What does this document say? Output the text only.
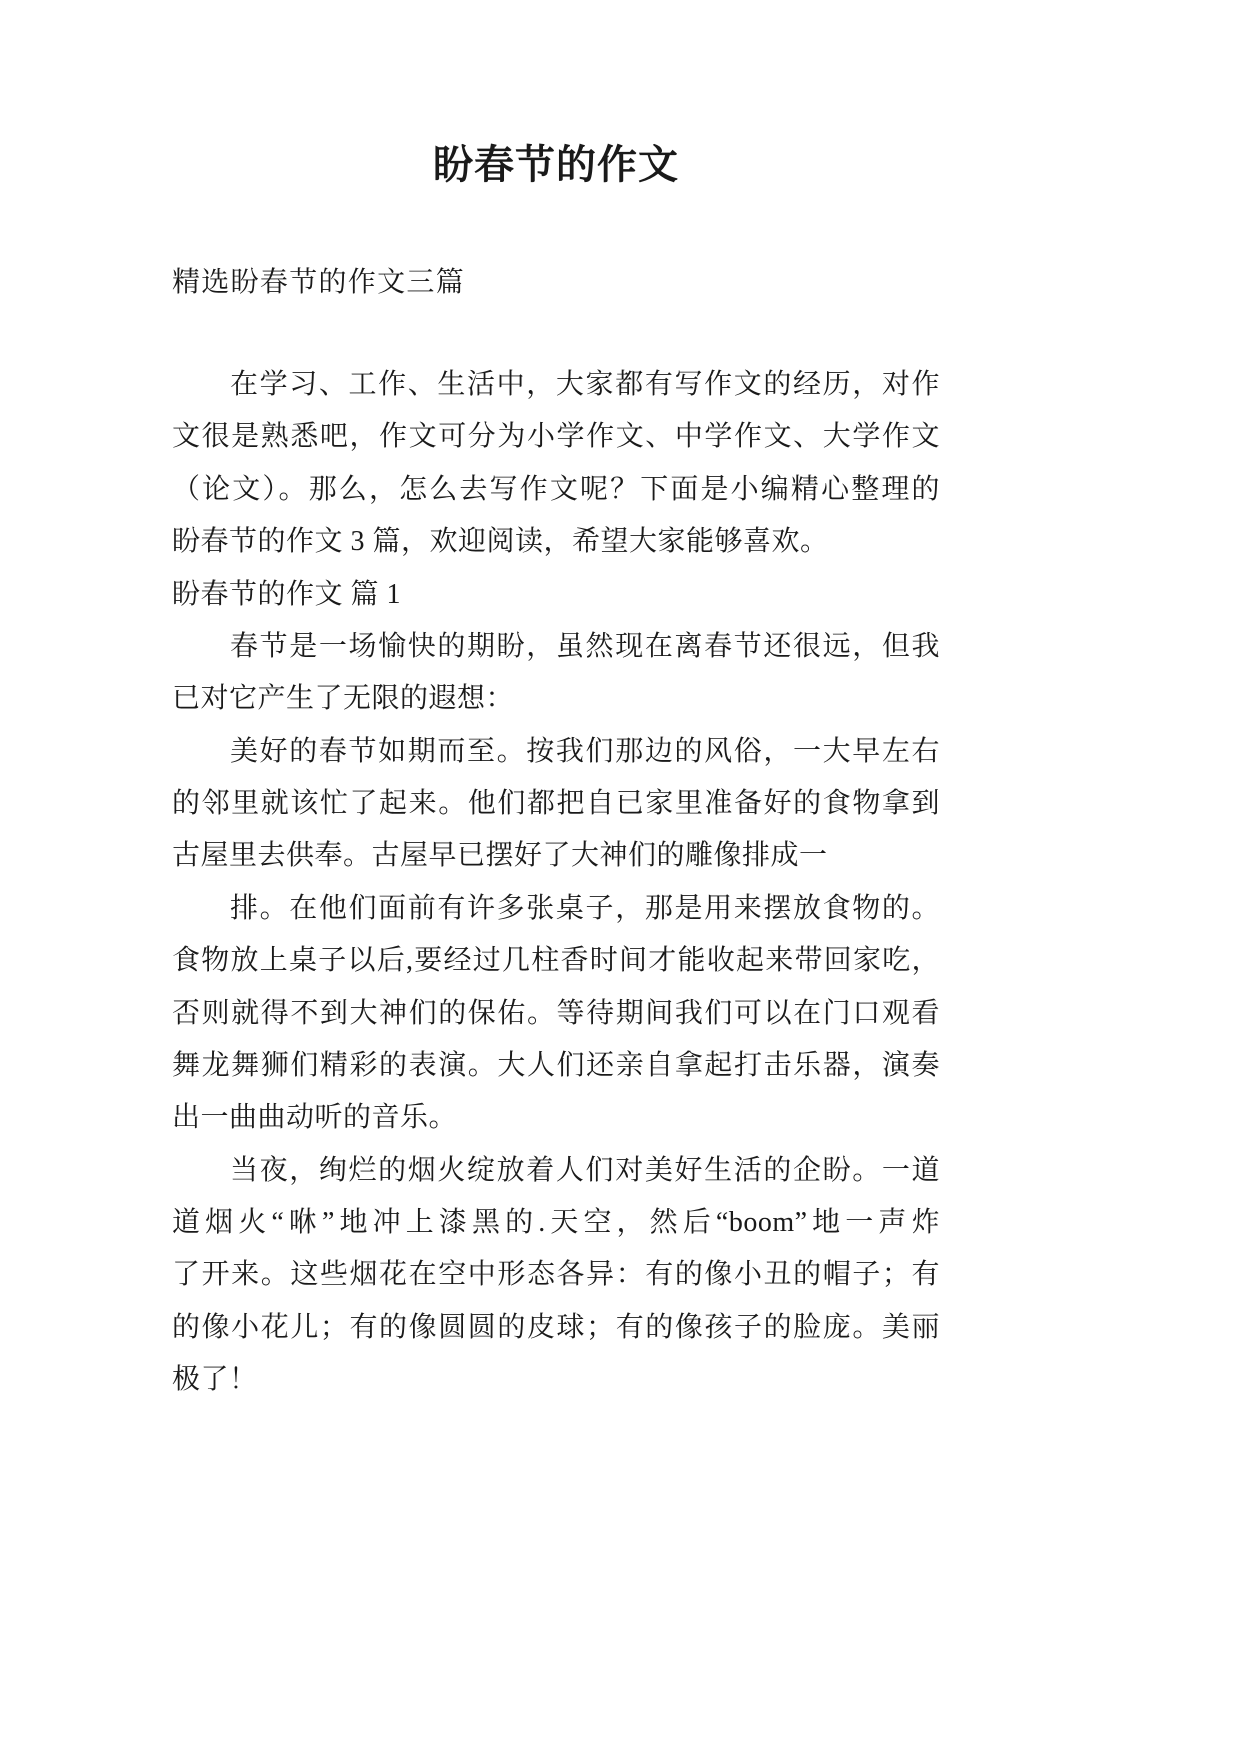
盼春节的作文
精选盼春节的作文三篇
在学习、工作、生活中，大家都有写作文的经历，对作
文很是熟悉吧，作文可分为小学作文、中学作文、大学作文
（论文）。那么，怎么去写作文呢？下面是小编精心整理的
盼春节的作文 3 篇，欢迎阅读，希望大家能够喜欢。
盼春节的作文 篇 1
春节是一场愉快的期盼，虽然现在离春节还很远，但我
已对它产生了无限的遐想：
美好的春节如期而至。按我们那边的风俗，一大早左右
的邻里就该忙了起来。他们都把自已家里准备好的食物拿到
古屋里去供奉。古屋早已摆好了大神们的雕像排成一
排。在他们面前有许多张桌子，那是用来摆放食物的。
食物放上桌子以后,要经过几柱香时间才能收起来带回家吃，
否则就得不到大神们的保佑。等待期间我们可以在门口观看
舞龙舞狮们精彩的表演。大人们还亲自拿起打击乐器，演奏
出一曲曲动听的音乐。
当夜，绚烂的烟火绽放着人们对美好生活的企盼。一道
道烟火“咻”地冲上漆黑的.天空，然后“boom”地一声炸
了开来。这些烟花在空中形态各异：有的像小丑的帽子；有
的像小花儿；有的像圆圆的皮球；有的像孩子的脸庞。美丽
极了！
